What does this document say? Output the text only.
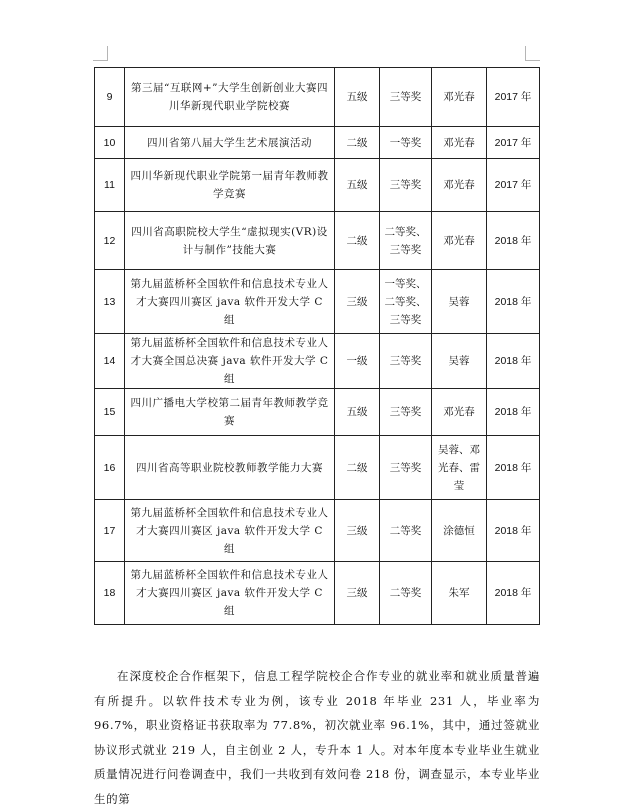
9	第三届“互联网+”大学生创新创业大赛四川华新现代职业学院校赛	五级	三等奖	邓光春	2017 年
10	四川省第八届大学生艺术展演活动	二级	一等奖	邓光春	2017 年
11	四川华新现代职业学院第一届青年教师教学竞赛	五级	三等奖	邓光春	2017 年
12	四川省高职院校大学生“虚拟现实(VR)设计与制作”技能大赛	二级	二等奖、三等奖	邓光春	2018 年
13	第九届蓝桥杯全国软件和信息技术专业人才大赛四川赛区 java 软件开发大学 C 组	三级	一等奖、二等奖、三等奖	吴蓉	2018 年
14	第九届蓝桥杯全国软件和信息技术专业人才大赛全国总决赛 java 软件开发大学 C 组	一级	三等奖	吴蓉	2018 年
15	四川广播电大学校第二届青年教师教学竞赛	五级	三等奖	邓光春	2018 年
16	四川省高等职业院校教师教学能力大赛	二级	三等奖	吴蓉、邓光春、雷莹	2018 年
17	第九届蓝桥杯全国软件和信息技术专业人才大赛四川赛区 java 软件开发大学 C 组	三级	二等奖	涂德恒	2018 年
18	第九届蓝桥杯全国软件和信息技术专业人才大赛四川赛区 java 软件开发大学 C 组	三级	二等奖	朱军	2018 年

在深度校企合作框架下，信息工程学院校企合作专业的就业率和就业质量普遍有所提升。以软件技术专业为例，该专业 2018 年毕业 231 人，毕业率为 96.7%，职业资格证书获取率为 77.8%，初次就业率 96.1%，其中，通过签就业协议形式就业 219 人，自主创业 2 人，专升本 1 人。对本年度本专业毕业生就业质量情况进行问卷调查中，我们一共收到有效问卷 218 份，调查显示，本专业毕业生的第
